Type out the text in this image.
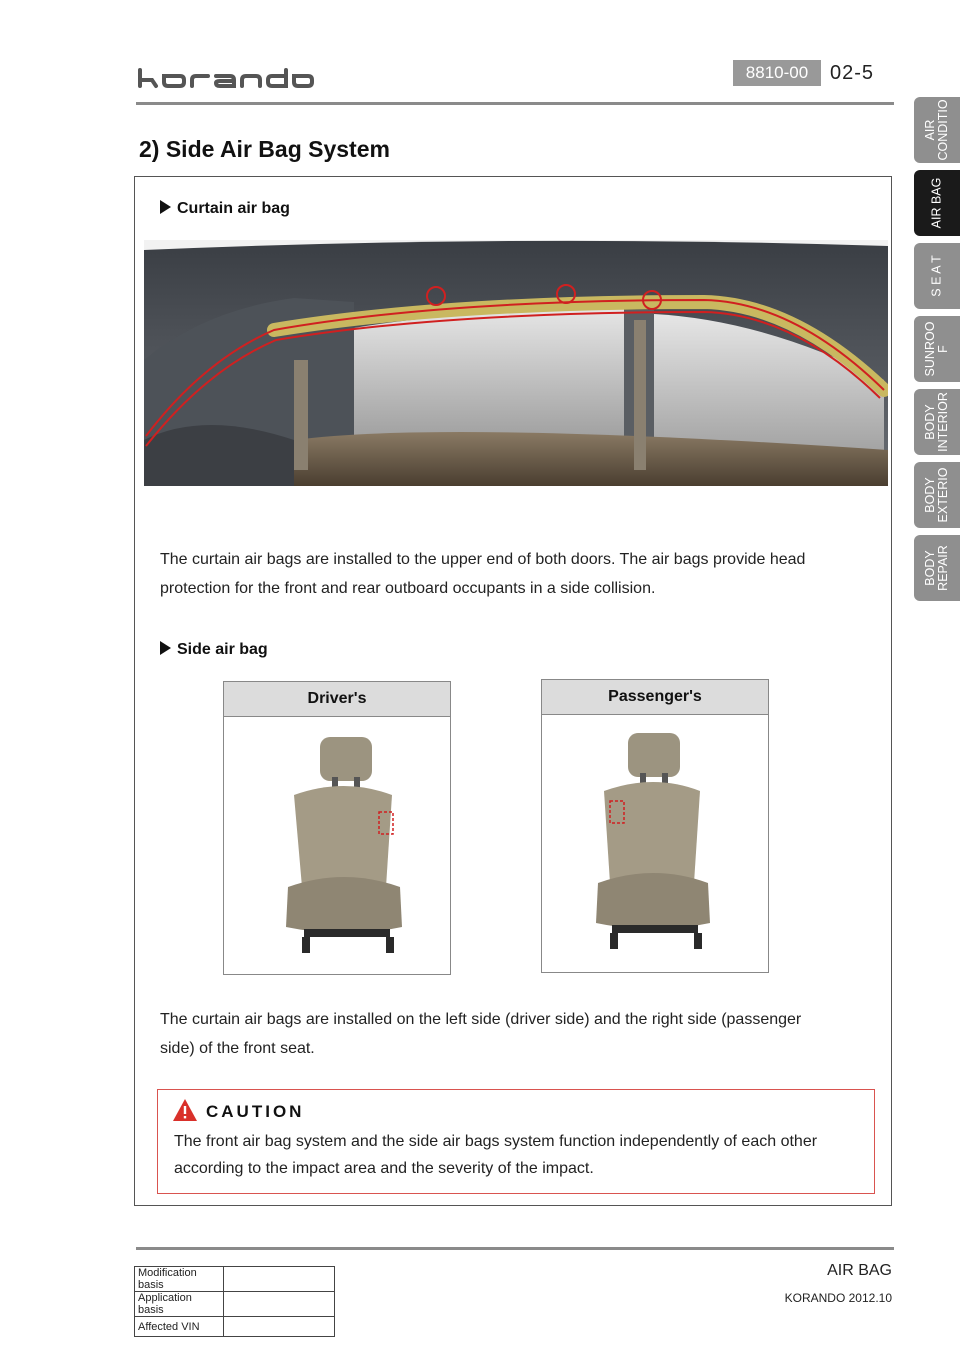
8810-00	02-5
AIR
CONDITIO
AIR BAG
S E A T
SUNROO
F
BODY
INTERIOR
BODY
EXTERIO
BODY
REPAIR
2) Side Air Bag System
Curtain air bag
The curtain air bags are installed to the upper end of both doors. The air bags provide head
protection for the front and rear outboard occupants in a side collision.
Side air bag
Driver's	Passenger's
The curtain air bags are installed on the left side (driver side) and the right side (passenger
side) of the front seat.
CAUTION
The front air bag system and the side air bags system function independently of each other
according to the impact area and the severity of the impact.
Modification basis	
Application basis	
Affected VIN	
AIR BAG
KORANDO 2012.10
